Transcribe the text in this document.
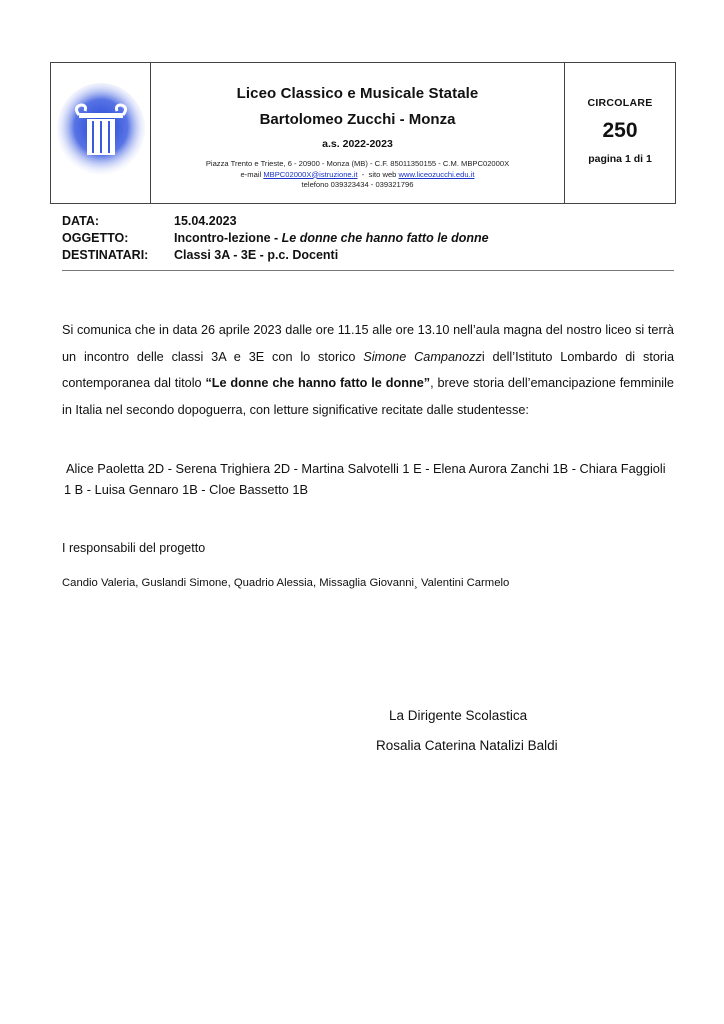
Liceo Classico e Musicale Statale
Bartolomeo Zucchi - Monza
a.s. 2022-2023
Piazza Trento e Trieste, 6 - 20900 - Monza (MB) - C.F. 85011350155 - C.M. MBPC02000X
e-mail MBPC02000X@istruzione.it  -  sito web www.liceozucchi.edu.it
telefono 039323434 - 039321796
CIRCOLARE
250
pagina 1 di 1
DATA:	15.04.2023
OGGETTO:	Incontro-lezione - Le donne che hanno fatto le donne
DESTINATARI:	Classi 3A - 3E - p.c. Docenti

Si comunica che in data 26 aprile 2023 dalle ore 11.15 alle ore 13.10 nell’aula magna del nostro liceo si terrà un incontro delle classi 3A e 3E con lo storico Simone Campanozzi dell’Istituto Lombardo di storia contemporanea dal titolo “Le donne che hanno fatto le donne”, breve storia dell’emancipazione femminile in Italia nel secondo dopoguerra, con letture significative recitate dalle studentesse:

Alice Paoletta 2D - Serena Trighiera 2D - Martina Salvotelli 1 E - Elena Aurora Zanchi 1B - Chiara Faggioli 1 B - Luisa Gennaro 1B - Cloe Bassetto 1B

I responsabili del progetto
Candio Valeria, Guslandi Simone, Quadrio Alessia, Missaglia Giovanni¸ Valentini Carmelo
La Dirigente Scolastica
Rosalia Caterina Natalizi Baldi
